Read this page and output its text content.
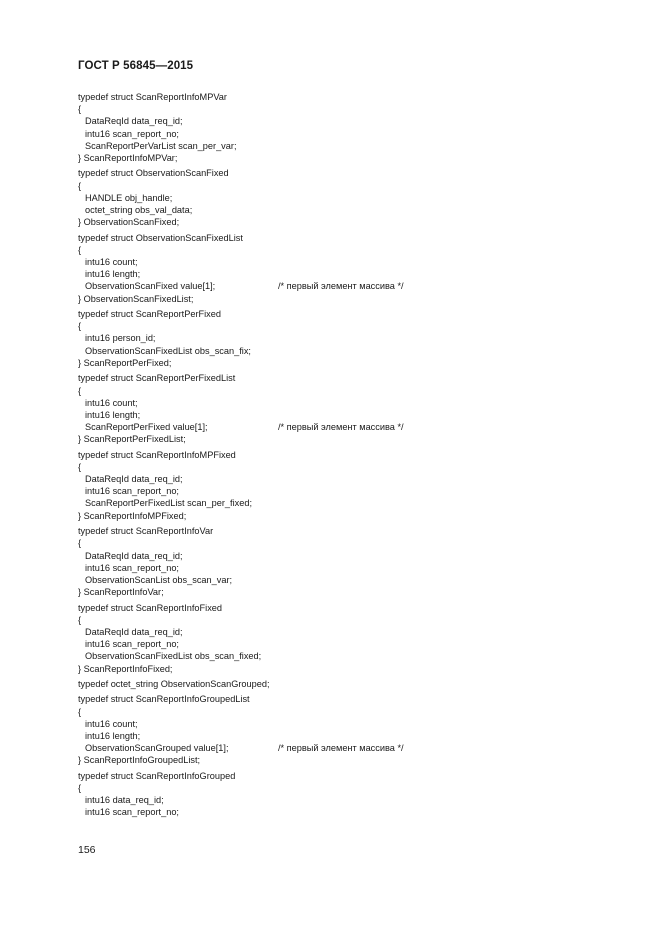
ГОСТ Р 56845—2015
typedef struct ScanReportInfoMPVar
{
DataReqId data_req_id;
intu16 scan_report_no;
ScanReportPerVarList scan_per_var;
} ScanReportInfoMPVar;
typedef struct ObservationScanFixed
{
HANDLE obj_handle;
octet_string obs_val_data;
} ObservationScanFixed;
typedef struct ObservationScanFixedList
{
intu16 count;
intu16 length;
ObservationScanFixed value[1];	/* первый элемент массива */
} ObservationScanFixedList;
typedef struct ScanReportPerFixed
{
intu16 person_id;
ObservationScanFixedList obs_scan_fix;
} ScanReportPerFixed;
typedef struct ScanReportPerFixedList
{
intu16 count;
intu16 length;
ScanReportPerFixed value[1];	/* первый элемент массива */
} ScanReportPerFixedList;
typedef struct ScanReportInfoMPFixed
{
DataReqId data_req_id;
intu16 scan_report_no;
ScanReportPerFixedList scan_per_fixed;
} ScanReportInfoMPFixed;
typedef struct ScanReportInfoVar
{
DataReqId data_req_id;
intu16 scan_report_no;
ObservationScanList obs_scan_var;
} ScanReportInfoVar;
typedef struct ScanReportInfoFixed
{
DataReqId data_req_id;
intu16 scan_report_no;
ObservationScanFixedList obs_scan_fixed;
} ScanReportInfoFixed;
typedef octet_string ObservationScanGrouped;
typedef struct ScanReportInfoGroupedList
{
intu16 count;
intu16 length;
ObservationScanGrouped value[1];	/* первый элемент массива */
} ScanReportInfoGroupedList;
typedef struct ScanReportInfoGrouped
{
intu16 data_req_id;
intu16 scan_report_no;
156
